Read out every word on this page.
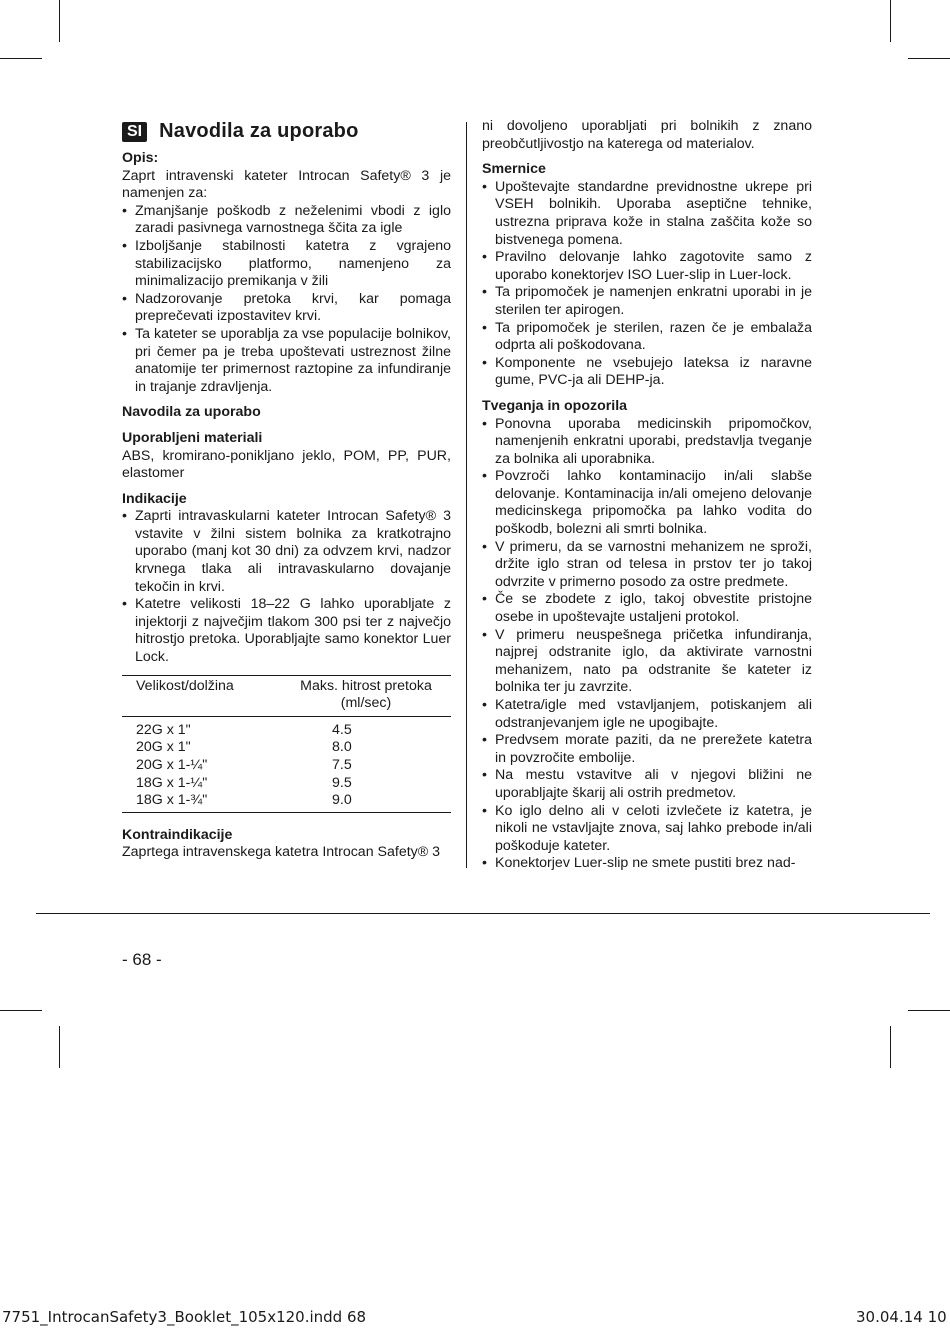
SI Navodila za uporabo
Opis:

Zaprt intravenski kateter Introcan Safety® 3 je namenjen za:

• Zmanjšanje poškodb z neželenimi vbodi z iglo zaradi pasivnega varnostnega ščita za igle
• Izboljšanje stabilnosti katetra z vgrajeno stabilizacijsko platformo, namenjeno za minimalizacijo premikanja v žili
• Nadzorovanje pretoka krvi, kar pomaga preprečevati izpostavitev krvi.
• Ta kateter se uporablja za vse populacije bolnikov, pri čemer pa je treba upoštevati ustreznost žilne anatomije ter primernost raztopine za infundiranje in trajanje zdravljenja.
Navodila za uporabo
Uporabljeni materiali

ABS, kromirano-ponikljano jeklo, POM, PP, PUR, elastomer

Indikacije
• Zaprti intravaskularni kateter Introcan Safety® 3 vstavite v žilni sistem bolnika za kratkotrajno uporabo (manj kot 30 dni) za odvzem krvi, nadzor krvnega tlaka ali intravaskularno dovajanje tekočin in krvi.
• Katetre velikosti 18–22 G lahko uporabljate z injektorji z največjim tlakom 300 psi ter z največjo hitrostjo pretoka. Uporabljajte samo konektor Luer Lock.
Velikost/dolžina	Maks. hitrost pretoka (ml/sec)
22G x 1"	4.5
20G x 1"	8.0
20G x 1-¼"	7.5
18G x 1-¼"	9.5
18G x 1-¾"	9.0
Kontraindikacije

Zaprtega intravenskega katetra Introcan Safety® 3

ni dovoljeno uporabljati pri bolnikih z znano preobčutljivostjo na katerega od materialov.

Smernice
• Upoštevajte standardne previdnostne ukrepe pri VSEH bolnikih. Uporaba aseptične tehnike, ustrezna priprava kože in stalna zaščita kože so bistvenega pomena.
• Pravilno delovanje lahko zagotovite samo z uporabo konektorjev ISO Luer-slip in Luer-lock.
• Ta pripomoček je namenjen enkratni uporabi in je sterilen ter apirogen.
• Ta pripomoček je sterilen, razen če je embalaža odprta ali poškodovana.
• Komponente ne vsebujejo lateksa iz naravne gume, PVC-ja ali DEHP-ja.
Tveganja in opozorila
• Ponovna uporaba medicinskih pripomočkov, namenjenih enkratni uporabi, predstavlja tveganje za bolnika ali uporabnika.
• Povzroči lahko kontaminacijo in/ali slabše delovanje. Kontaminacija in/ali omejeno delovanje medicinskega pripomočka pa lahko vodita do poškodb, bolezni ali smrti bolnika.
• V primeru, da se varnostni mehanizem ne sproži, držite iglo stran od telesa in prstov ter jo takoj odvrzite v primerno posodo za ostre predmete.
• Če se zbodete z iglo, takoj obvestite pristojne osebe in upoštevajte ustaljeni protokol.
• V primeru neuspešnega pričetka infundiranja, najprej odstranite iglo, da aktivirate varnostni mehanizem, nato pa odstranite še kateter iz bolnika ter ju zavrzite.
• Katetra/igle med vstavljanjem, potiskanjem ali odstranjevanjem igle ne upogibajte.
• Predvsem morate paziti, da ne prerežete katetra in povzročite embolije.
• Na mestu vstavitve ali v njegovi bližini ne uporabljajte škarij ali ostrih predmetov.
• Ko iglo delno ali v celoti izvlečete iz katetra, je nikoli ne vstavljajte znova, saj lahko prebode in/ali poškoduje kateter.
• Konektorjev Luer-slip ne smete pustiti brez nad-
- 68 -
7751_IntrocanSafety3_Booklet_105x120.indd 68	30.04.14 10
